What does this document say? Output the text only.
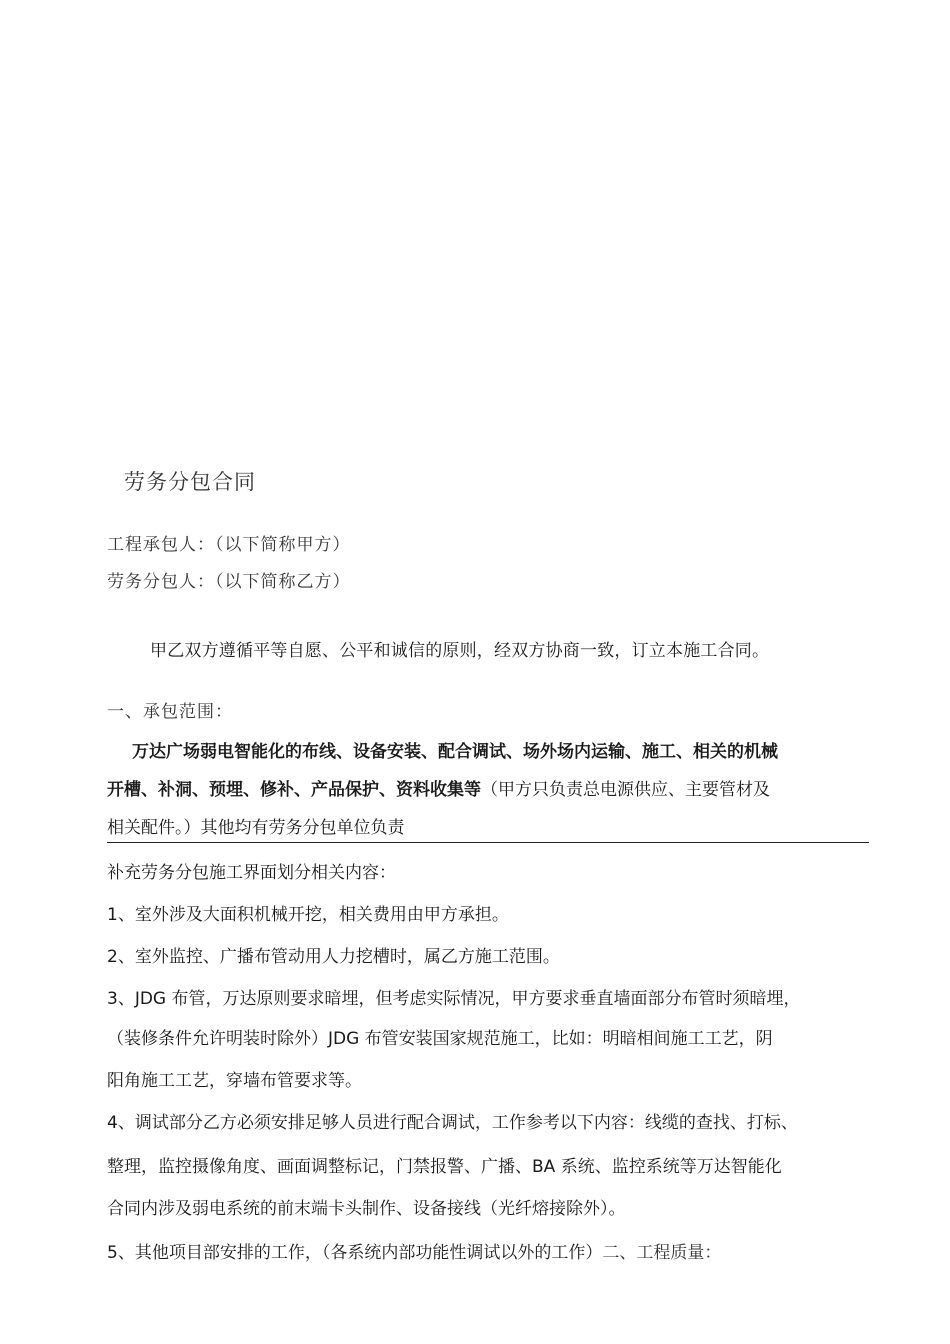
劳务分包合同
工程承包人：（以下简称甲方）
劳务分包人：（以下简称乙方）
甲乙双方遵循平等自愿、公平和诚信的原则，经双方协商一致，订立本施工合同。
一、承包范围：
万达广场弱电智能化的布线、设备安装、配合调试、场外场内运输、施工、相关的机械
开槽、补洞、预埋、修补、产品保护、资料收集等（甲方只负责总电源供应、主要管材及
相关配件。）其他均有劳务分包单位负责
补充劳务分包施工界面划分相关内容：
1、室外涉及大面积机械开挖，相关费用由甲方承担。
2、室外监控、广播布管动用人力挖槽时，属乙方施工范围。
3、JDG 布管，万达原则要求暗埋，但考虑实际情况，甲方要求垂直墙面部分布管时须暗埋，
（装修条件允许明装时除外）JDG 布管安装国家规范施工，比如：明暗相间施工工艺，阴
阳角施工工艺，穿墙布管要求等。
4、调试部分乙方必须安排足够人员进行配合调试，工作参考以下内容：线缆的查找、打标、
整理，监控摄像角度、画面调整标记，门禁报警、广播、BA 系统、监控系统等万达智能化
合同内涉及弱电系统的前末端卡头制作、设备接线（光纤熔接除外）。
5、其他项目部安排的工作，（各系统内部功能性调试以外的工作）二、工程质量：
